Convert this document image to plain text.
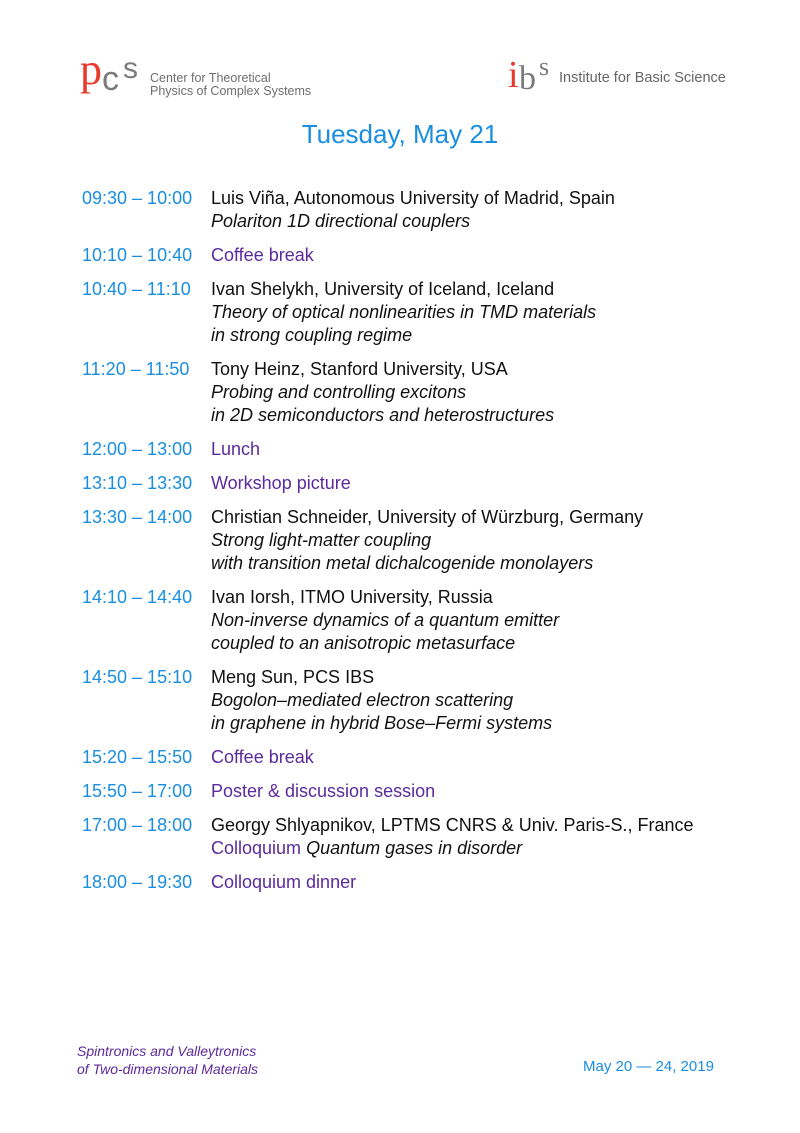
p c s Center for Theoretical
Physics of Complex Systems	i b s Institute for Basic Science
Tuesday, May 21
09:30 – 10:00	Luis Viña, Autonomous University of Madrid, Spain
Polariton 1D directional couplers
10:10 – 10:40	Coffee break
10:40 – 11:10	Ivan Shelykh, University of Iceland, Iceland
Theory of optical nonlinearities in TMD materials
in strong coupling regime
11:20 – 11:50	Tony Heinz, Stanford University, USA
Probing and controlling excitons
in 2D semiconductors and heterostructures
12:00 – 13:00	Lunch
13:10 – 13:30	Workshop picture
13:30 – 14:00	Christian Schneider, University of Würzburg, Germany
Strong light-matter coupling
with transition metal dichalcogenide monolayers
14:10 – 14:40	Ivan Iorsh, ITMO University, Russia
Non-inverse dynamics of a quantum emitter
coupled to an anisotropic metasurface
14:50 – 15:10	Meng Sun, PCS IBS
Bogolon–mediated electron scattering
in graphene in hybrid Bose–Fermi systems
15:20 – 15:50	Coffee break
15:50 – 17:00	Poster & discussion session
17:00 – 18:00	Georgy Shlyapnikov, LPTMS CNRS & Univ. Paris-S., France
Colloquium Quantum gases in disorder
18:00 – 19:30	Colloquium dinner
Spintronics and Valleytronics
of Two-dimensional Materials	May 20 — 24, 2019
